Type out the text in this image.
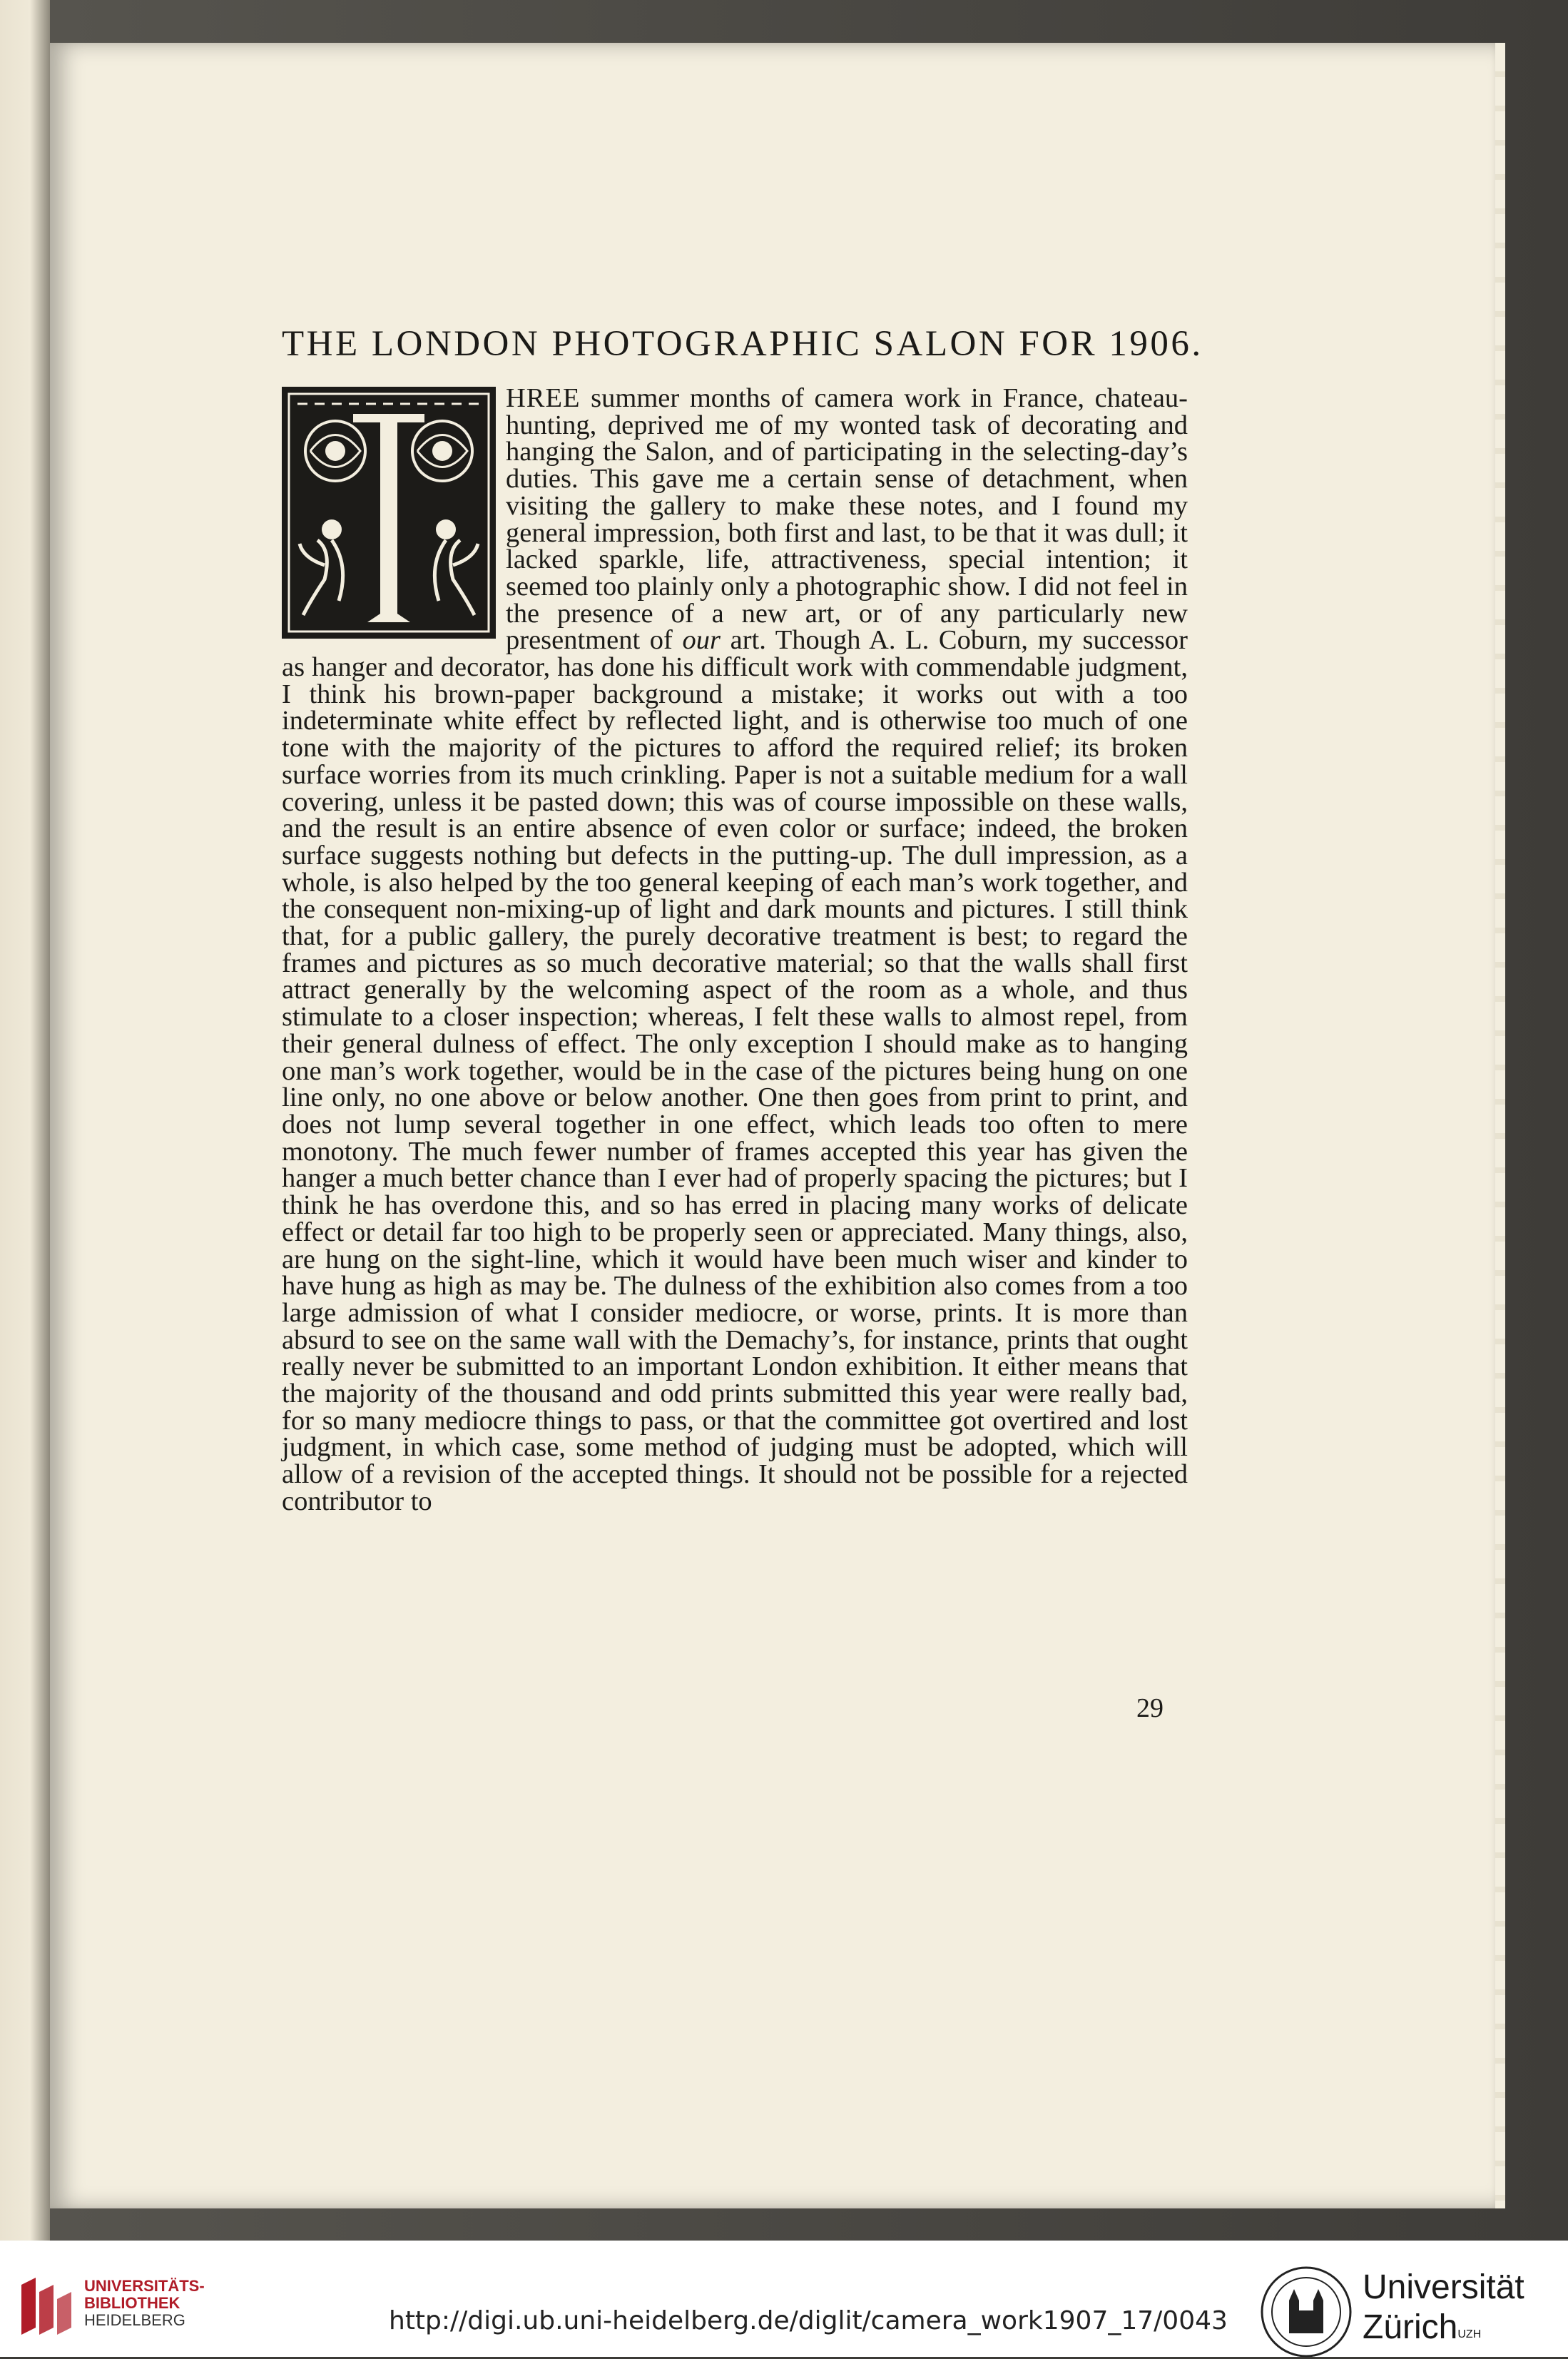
THE LONDON PHOTOGRAPHIC SALON FOR 1906.
T
HREE summer months of camera work in France, chateau-hunting, deprived me of my wonted task of decorating and hanging the Salon, and of participating in the selecting-day’s duties. This gave me a certain sense of detachment, when visiting the gallery to make these notes, and I found my general impression, both first and last, to be that it was dull; it lacked sparkle, life, attractiveness, special intention; it seemed too plainly only a photographic show. I did not feel in the presence of a new art, or of any particularly new presentment of our art. Though A. L. Coburn, my successor as hanger and decorator, has done his difficult work with commendable judgment, I think his brown-paper background a mistake; it works out with a too indeterminate white effect by reflected light, and is otherwise too much of one tone with the majority of the pictures to afford the required relief; its broken surface worries from its much crinkling. Paper is not a suitable medium for a wall covering, unless it be pasted down; this was of course impossible on these walls, and the result is an entire absence of even color or surface; indeed, the broken surface suggests nothing but defects in the putting-up. The dull impression, as a whole, is also helped by the too general keeping of each man’s work together, and the consequent non-mixing-up of light and dark mounts and pictures. I still think that, for a public gallery, the purely decorative treatment is best; to regard the frames and pictures as so much decorative material; so that the walls shall first attract generally by the welcoming aspect of the room as a whole, and thus stimulate to a closer inspection; whereas, I felt these walls to almost repel, from their general dulness of effect. The only exception I should make as to hanging one man’s work together, would be in the case of the pictures being hung on one line only, no one above or below another. One then goes from print to print, and does not lump several together in one effect, which leads too often to mere monotony. The much fewer number of frames accepted this year has given the hanger a much better chance than I ever had of properly spacing the pictures; but I think he has overdone this, and so has erred in placing many works of delicate effect or detail far too high to be properly seen or appreciated. Many things, also, are hung on the sight-line, which it would have been much wiser and kinder to have hung as high as may be. The dulness of the exhibition also comes from a too large admission of what I consider mediocre, or worse, prints. It is more than absurd to see on the same wall with the Demachy’s, for instance, prints that ought really never be submitted to an important London exhibition. It either means that the majority of the thousand and odd prints submitted this year were really bad, for so many mediocre things to pass, or that the committee got overtired and lost judgment, in which case, some method of judging must be adopted, which will allow of a revision of the accepted things. It should not be possible for a rejected contributor to
29
UNIVERSITÄTS-
BIBLIOTHEK
HEIDELBERG	http://digi.ub.uni-heidelberg.de/diglit/camera_work1907_17/0043
Universität
Zürich$^{UZH}$
